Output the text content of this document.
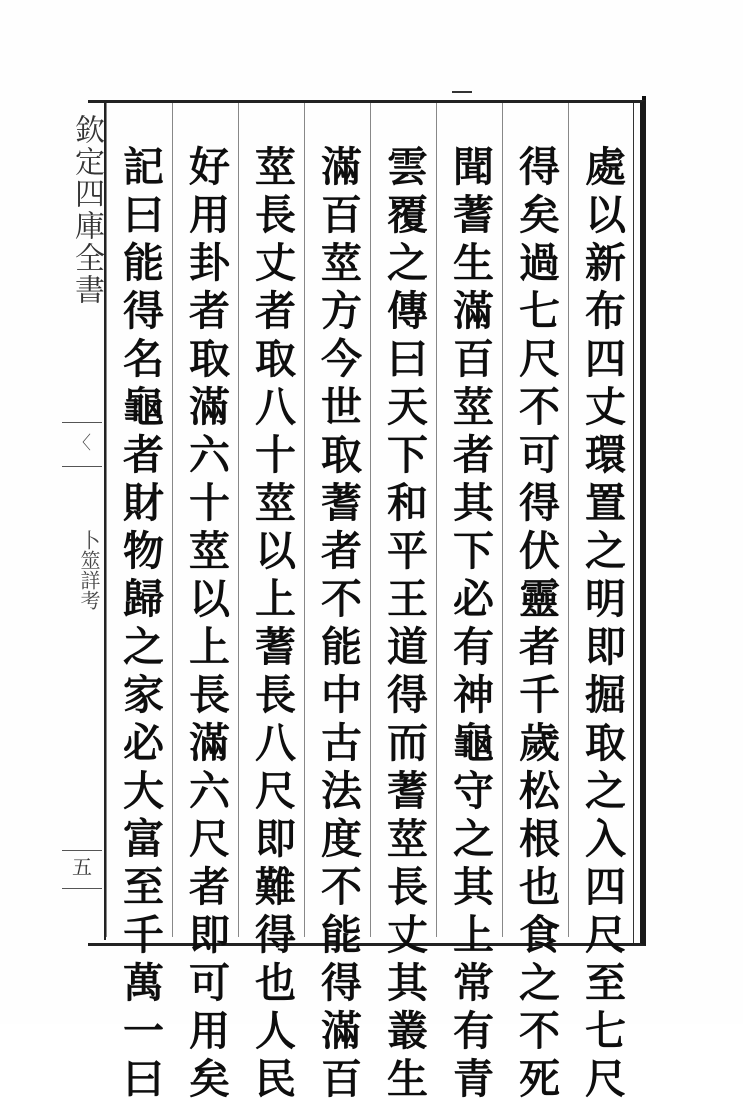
欽定四庫全書
〈
卜筮詳考
五	處以新布四丈環置之明即掘取之入四尺至七尺
得矣過七尺不可得伏靈者千歲松根也食之不死
聞蓍生滿百莖者其下必有神龜守之其上常有青
雲覆之傳曰天下和平王道得而蓍莖長丈其叢生
滿百莖方今世取蓍者不能中古法度不能得滿百
莖長丈者取八十莖以上蓍長八尺即難得也人民
好用卦者取滿六十莖以上長滿六尺者即可用矣
記曰能得名龜者財物歸之家必大富至千萬一曰
